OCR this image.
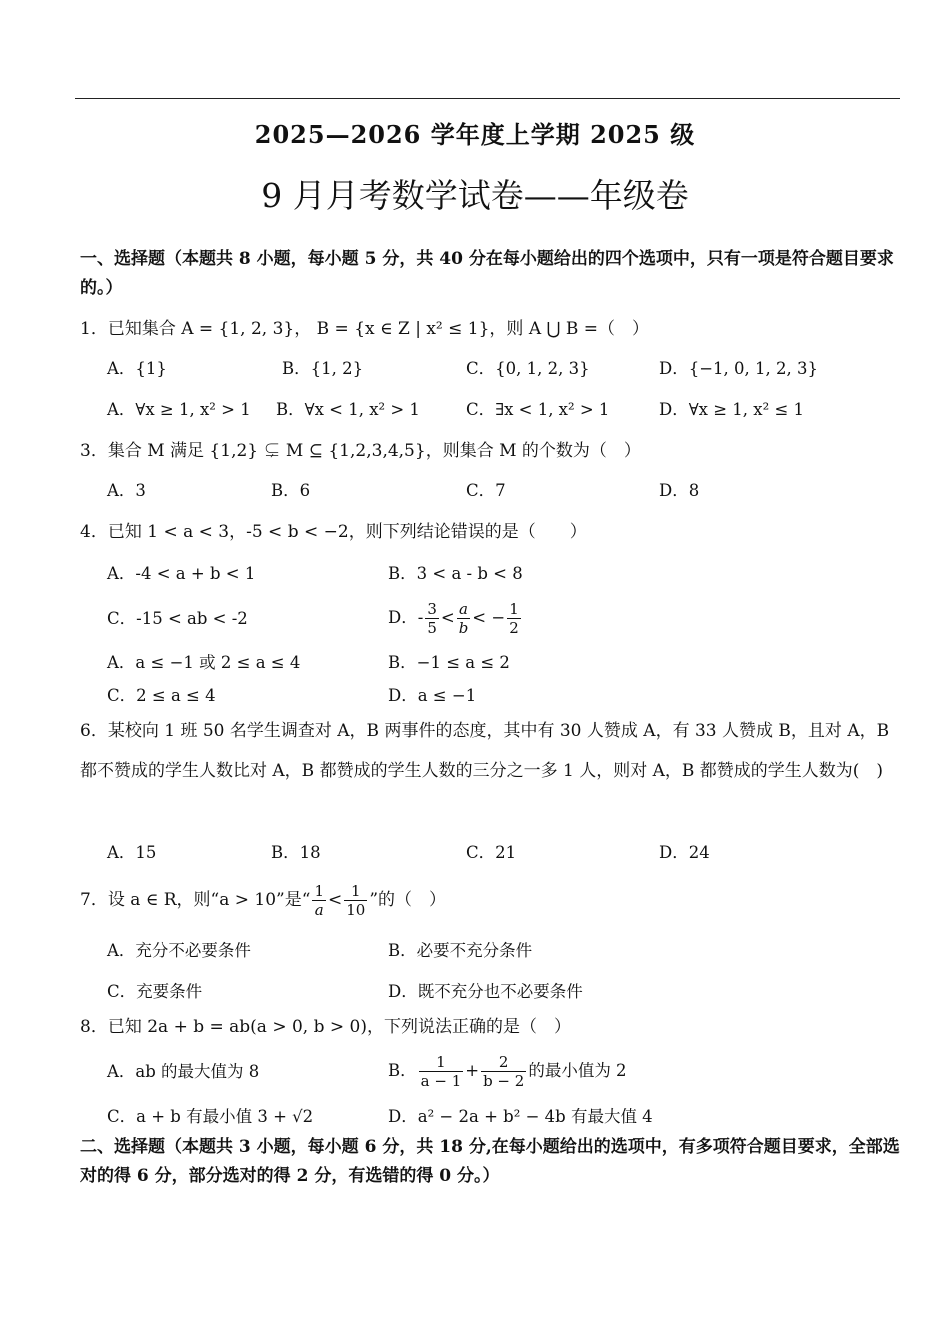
2025—2026 学年度上学期 2025 级
9 月月考数学试卷——年级卷
一、选择题（本题共 8 小题，每小题 5 分，共 40 分在每小题给出的四个选项中，只有一项是符合题目要求的。）
1．已知集合 A = {1, 2, 3}， B = {x ∈ Z | x² ≤ 1}，则 A ⋃ B =（　）
A．{1}	B．{1, 2}	C．{0, 1, 2, 3}	D．{−1, 0, 1, 2, 3}
A．∀x ≥ 1, x² > 1 B．∀x < 1, x² > 1	C．∃x < 1, x² > 1	D．∀x ≥ 1, x² ≤ 1
3．集合 M 满足 {1,2} ⊊ M ⊆ {1,2,3,4,5}，则集合 M 的个数为（　）
A．3	B．6	C．7	D．8
4．已知 1 < a < 3，-5 < b < −2，则下列结论错误的是（　　）
A．-4 < a + b < 1	B．3 < a - b < 8
C．-15 < ab < -2	D．- $\frac{3}{5} < \frac{a}{b}$ < − $\frac{1}{2}$
A．a ≤ −1 或 2 ≤ a ≤ 4	B．−1 ≤ a ≤ 2
C．2 ≤ a ≤ 4	D．a ≤ −1
6．某校向 1 班 50 名学生调查对 A，B 两事件的态度，其中有 30 人赞成 A，有 33 人赞成 B，且对 A，B 都不赞成的学生人数比对 A，B 都赞成的学生人数的三分之一多 1 人，则对 A，B 都赞成的学生人数为(　)
A．15	B．18	C．21	D．24
7．设 a ∈ R，则“a > 10”是“ $\frac{1}{a} < \frac{1}{10}$ ”的（　）
A．充分不必要条件	B．必要不充分条件
C．充要条件	D．既不充分也不必要条件
8．已知 2a + b = ab(a > 0, b > 0)，下列说法正确的是（　）
A．ab 的最大值为 8	B． $\frac{1}{a - 1} + \frac{2}{b - 2}$ 的最小值为 2
C．a + b 有最小值 3 + √2	D．a² − 2a + b² − 4b 有最大值 4
二、选择题（本题共 3 小题，每小题 6 分，共 18 分,在每小题给出的选项中，有多项符合题目要求，全部选对的得 6 分，部分选对的得 2 分，有选错的得 0 分。）
